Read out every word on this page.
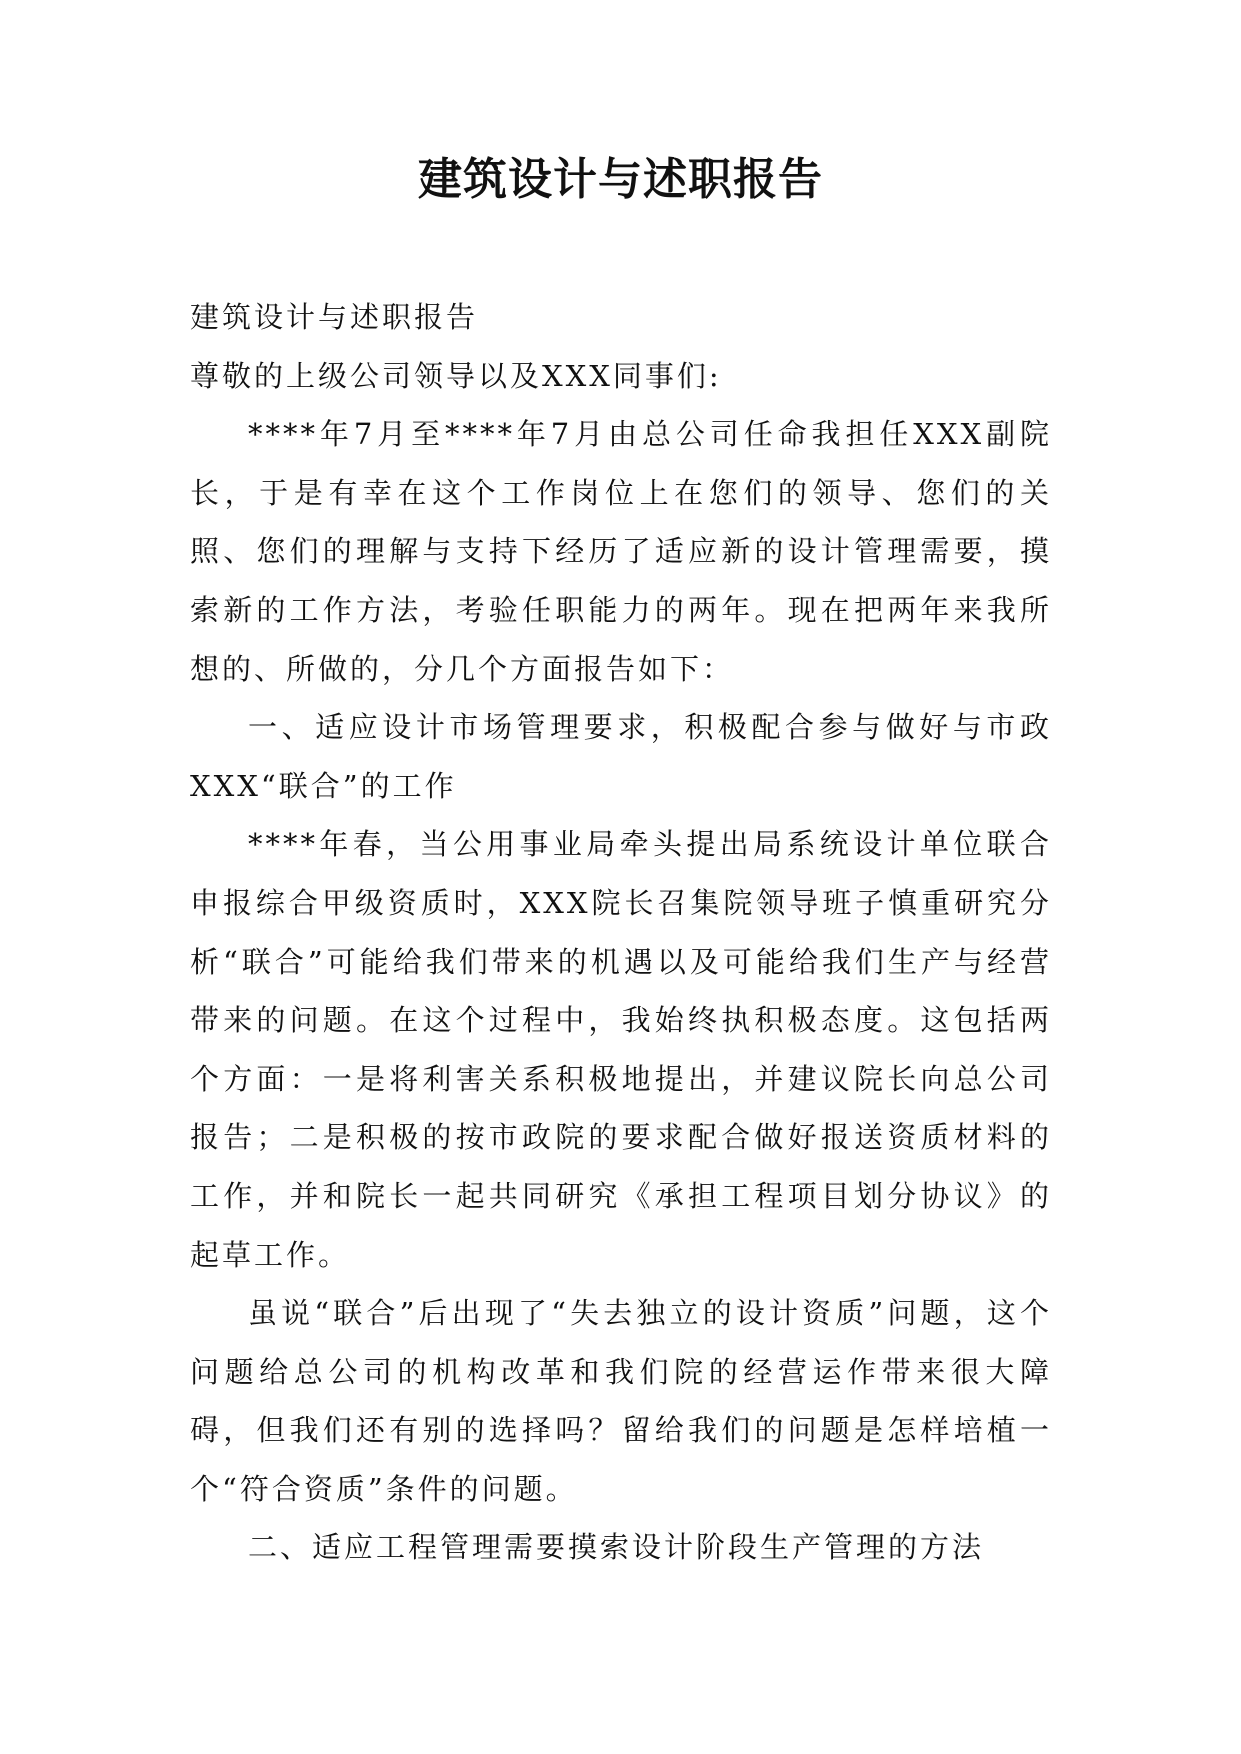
建筑设计与述职报告

建筑设计与述职报告

尊敬的上级公司领导以及XXX同事们:

****年7月至****年7月由总公司任命我担任XXX副院长，于是有幸在这个工作岗位上在您们的领导、您们的关照、您们的理解与支持下经历了适应新的设计管理需要，摸索新的工作方法，考验任职能力的两年。现在把两年来我所想的、所做的，分几个方面报告如下：

一、适应设计市场管理要求，积极配合参与做好与市政XXX“联合”的工作

****年春，当公用事业局牵头提出局系统设计单位联合申报综合甲级资质时，XXX院长召集院领导班子慎重研究分析“联合”可能给我们带来的机遇以及可能给我们生产与经营带来的问题。在这个过程中，我始终执积极态度。这包括两个方面：一是将利害关系积极地提出，并建议院长向总公司报告；二是积极的按市政院的要求配合做好报送资质材料的工作，并和院长一起共同研究《承担工程项目划分协议》的起草工作。

虽说“联合”后出现了“失去独立的设计资质”问题，这个问题给总公司的机构改革和我们院的经营运作带来很大障碍，但我们还有别的选择吗？留给我们的问题是怎样培植一个“符合资质”条件的问题。

二、适应工程管理需要摸索设计阶段生产管理的方法
